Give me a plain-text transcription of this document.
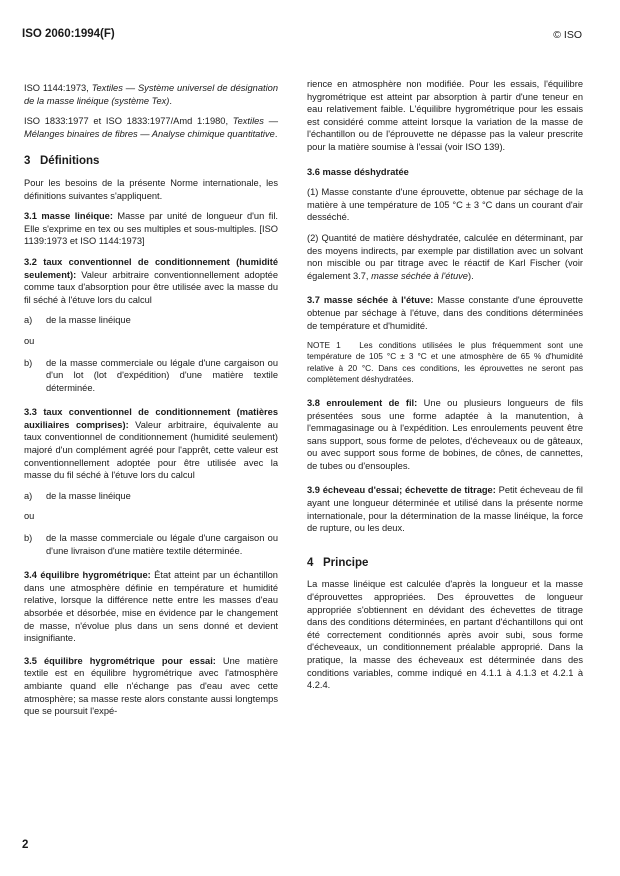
ISO 2060:1994(F)	© ISO

ISO 1144:1973, Textiles — Système universel de désignation de la masse linéique (système Tex).

ISO 1833:1977 et ISO 1833:1977/Amd 1:1980, Textiles — Mélanges binaires de fibres — Analyse chimique quantitative.

3 Définitions

Pour les besoins de la présente Norme internationale, les définitions suivantes s'appliquent.

3.1 masse linéique: Masse par unité de longueur d'un fil. Elle s'exprime en tex ou ses multiples et sous-multiples. [ISO 1139:1973 et ISO 1144:1973]

3.2 taux conventionnel de conditionnement (humidité seulement): Valeur arbitraire conventionnellement adoptée comme taux d'absorption pour être utilisée avec la masse du fil séché à l'étuve lors du calcul

a)	de la masse linéique
ou
b)	de la masse commerciale ou légale d'une cargaison ou d'un lot (lot d'expédition) d'une matière textile déterminée.

3.3 taux conventionnel de conditionnement (matières auxiliaires comprises): Valeur arbitraire, équivalente au taux conventionnel de conditionnement (humidité seulement) majoré d'un complément agréé pour l'apprêt, cette valeur est conventionnellement adoptée pour être utilisée avec la masse du fil séché à l'étuve lors du calcul

a)	de la masse linéique
ou
b)	de la masse commerciale ou légale d'une cargaison ou d'une livraison d'une matière textile déterminée.

3.4 équilibre hygrométrique: État atteint par un échantillon dans une atmosphère définie en température et humidité relative, lorsque la différence nette entre les masses d'eau absorbée et désorbée, mise en évidence par le changement de masse, n'évolue plus dans un sens donné et devient insignifiante.

3.5 équilibre hygrométrique pour essai: Une matière textile est en équilibre hygrométrique avec l'atmosphère ambiante quand elle n'échange pas d'eau avec cette atmosphère; sa masse reste alors constante aussi longtemps que se poursuit l'expé-

rience en atmosphère non modifiée. Pour les essais, l'équilibre hygrométrique est atteint par absorption à partir d'une teneur en eau relativement faible. L'équilibre hygrométrique pour les essais est considéré comme atteint lorsque la variation de la masse de l'échantillon ou de l'éprouvette ne dépasse pas la valeur prescrite pour la matière soumise à l'essai (voir ISO 139).

3.6 masse déshydratée

(1) Masse constante d'une éprouvette, obtenue par séchage de la matière à une température de 105 °C ± 3 °C dans un courant d'air desséché.

(2) Quantité de matière déshydratée, calculée en déterminant, par des moyens indirects, par exemple par distillation avec un solvant non miscible ou par titrage avec le réactif de Karl Fischer (voir également 3.7, masse séchée à l'étuve).

3.7 masse séchée à l'étuve: Masse constante d'une éprouvette obtenue par séchage à l'étuve, dans des conditions déterminées de température et d'humidité.

NOTE 1 Les conditions utilisées le plus fréquemment sont une température de 105 °C ± 3 °C et une atmosphère de 65 % d'humidité relative à 20 °C. Dans ces conditions, les éprouvettes ne seront pas complètement déshydratées.

3.8 enroulement de fil: Une ou plusieurs longueurs de fils présentées sous une forme adaptée à la manutention, à l'emmagasinage ou à l'expédition. Les enroulements peuvent être sans support, sous forme de pelotes, d'écheveaux ou de gâteaux, ou avec support sous forme de bobines, de cônes, de cannettes, de tubes ou d'ensouples.

3.9 écheveau d'essai; échevette de titrage: Petit écheveau de fil ayant une longueur déterminée et utilisé dans la présente norme internationale, pour la détermination de la masse linéique, la force de rupture, ou les deux.

4 Principe

La masse linéique est calculée d'après la longueur et la masse d'éprouvettes appropriées. Des éprouvettes de longueur appropriée s'obtiennent en dévidant des échevettes de titrage dans des conditions déterminées, en partant d'échantillons qui ont été correctement conditionnés après avoir subi, sous forme d'écheveaux, un conditionnement préalable approprié. Dans la pratique, la masse des écheveaux est déterminée dans des conditions variables, comme indiqué en 4.1.1 à 4.1.3 et 4.2.1 à 4.2.4.

2
